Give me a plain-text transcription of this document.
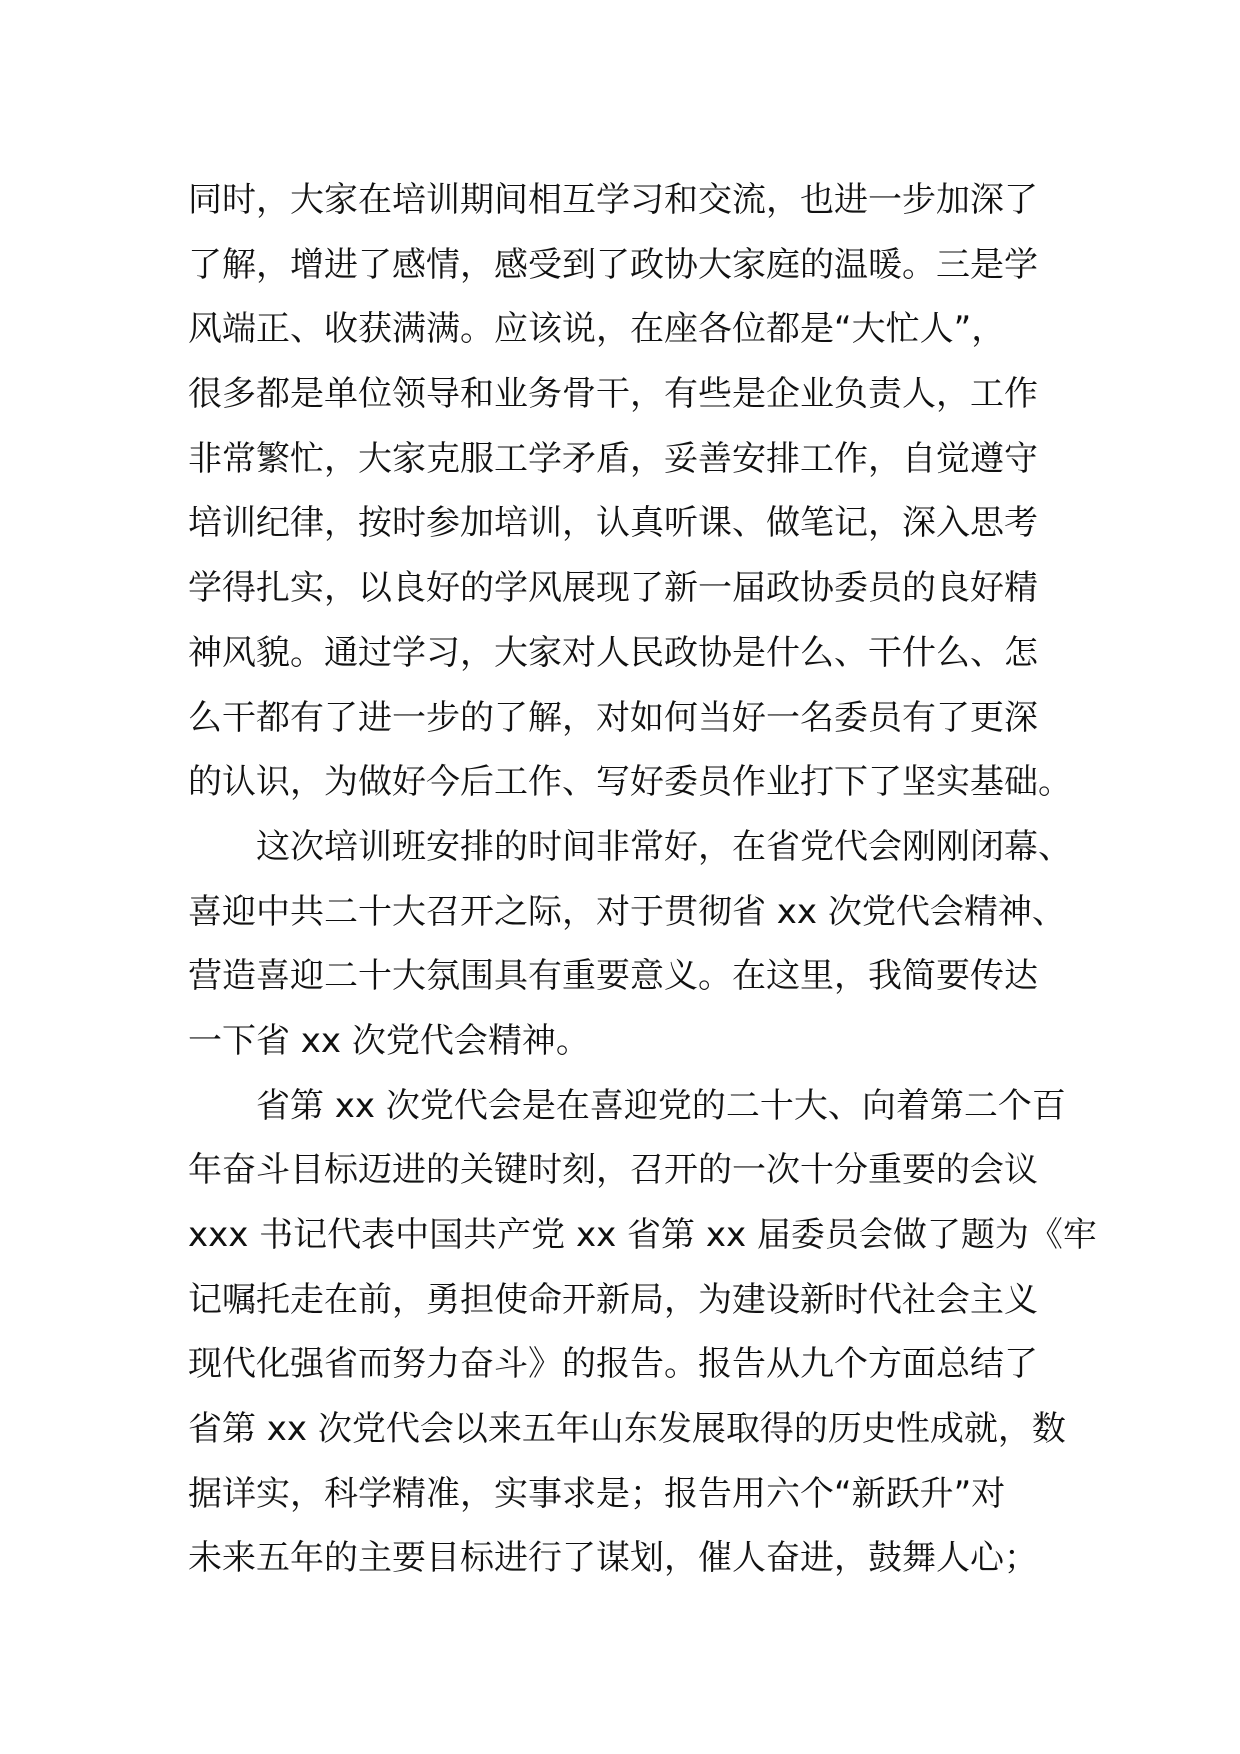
同时，大家在培训期间相互学习和交流，也进一步加深了
了解，增进了感情，感受到了政协大家庭的温暖。三是学
风端正、收获满满。应该说，在座各位都是“大忙人”，
很多都是单位领导和业务骨干，有些是企业负责人，工作
非常繁忙，大家克服工学矛盾，妥善安排工作，自觉遵守
培训纪律，按时参加培训，认真听课、做笔记，深入思考
学得扎实，以良好的学风展现了新一届政协委员的良好精
神风貌。通过学习，大家对人民政协是什么、干什么、怎
么干都有了进一步的了解，对如何当好一名委员有了更深
的认识，为做好今后工作、写好委员作业打下了坚实基础。
这次培训班安排的时间非常好，在省党代会刚刚闭幕、
喜迎中共二十大召开之际，对于贯彻省 xx 次党代会精神、
营造喜迎二十大氛围具有重要意义。在这里，我简要传达
一下省 xx 次党代会精神。
省第 xx 次党代会是在喜迎党的二十大、向着第二个百
年奋斗目标迈进的关键时刻，召开的一次十分重要的会议
xxx 书记代表中国共产党 xx 省第 xx 届委员会做了题为《牢
记嘱托走在前，勇担使命开新局，为建设新时代社会主义
现代化强省而努力奋斗》的报告。报告从九个方面总结了
省第 xx 次党代会以来五年山东发展取得的历史性成就，数
据详实，科学精准，实事求是；报告用六个“新跃升”对
未来五年的主要目标进行了谋划，催人奋进，鼓舞人心；
